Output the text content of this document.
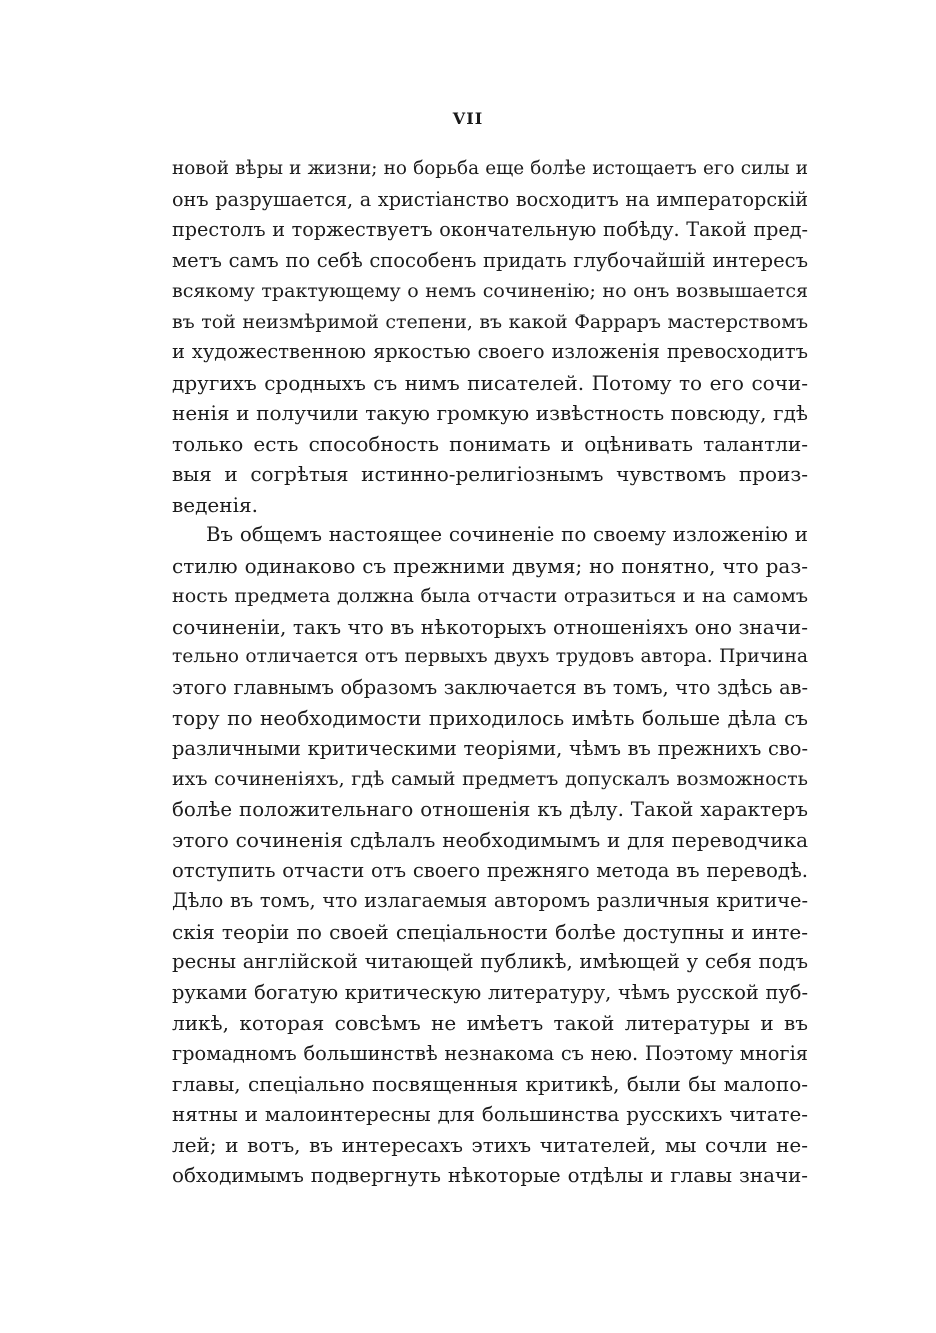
VII
новой вѣры и жизни; но борьба еще болѣе истощаетъ его силы и
онъ разрушается, а христіанство восходитъ на императорскій
престолъ и торжествуетъ окончательную побѣду. Такой пред-
метъ самъ по себѣ способенъ придать глубочайшій интересъ
всякому трактующему о немъ сочиненію; но онъ возвышается
въ той неизмѣримой степени, въ какой Фарраръ мастерствомъ
и художественною яркостью своего изложенія превосходитъ
другихъ сродныхъ съ нимъ писателей. Потому то его сочи-
ненія и получили такую громкую извѣстность повсюду, гдѣ
только есть способность понимать и оцѣнивать талантли-
выя и согрѣтыя истинно-религіознымъ чувствомъ произ-
веденія.
Въ общемъ настоящее сочиненіе по своему изложенію и
стилю одинаково съ прежними двумя; но понятно, что раз-
ность предмета должна была отчасти отразиться и на самомъ
сочиненіи, такъ что въ нѣкоторыхъ отношеніяхъ оно значи-
тельно отличается отъ первыхъ двухъ трудовъ автора. Причина
этого главнымъ образомъ заключается въ томъ, что здѣсь ав-
тору по необходимости приходилось имѣть больше дѣла съ
различными критическими теоріями, чѣмъ въ прежнихъ сво-
ихъ сочиненіяхъ, гдѣ самый предметъ допускалъ возможность
болѣе положительнаго отношенія къ дѣлу. Такой характеръ
этого сочиненія сдѣлалъ необходимымъ и для переводчика
отступить отчасти отъ своего прежняго метода въ переводѣ.
Дѣло въ томъ, что излагаемыя авторомъ различныя критиче-
скія теоріи по своей спеціальности болѣе доступны и инте-
ресны англійской читающей публикѣ, имѣющей у себя подъ
руками богатую критическую литературу, чѣмъ русской пуб-
ликѣ, которая совсѣмъ не имѣетъ такой литературы и въ
громадномъ большинствѣ незнакома съ нею. Поэтому многія
главы, спеціально посвященныя критикѣ, были бы малопо-
нятны и малоинтересны для большинства русскихъ читате-
лей; и вотъ, въ интересахъ этихъ читателей, мы сочли не-
обходимымъ подвергнуть нѣкоторые отдѣлы и главы значи-
